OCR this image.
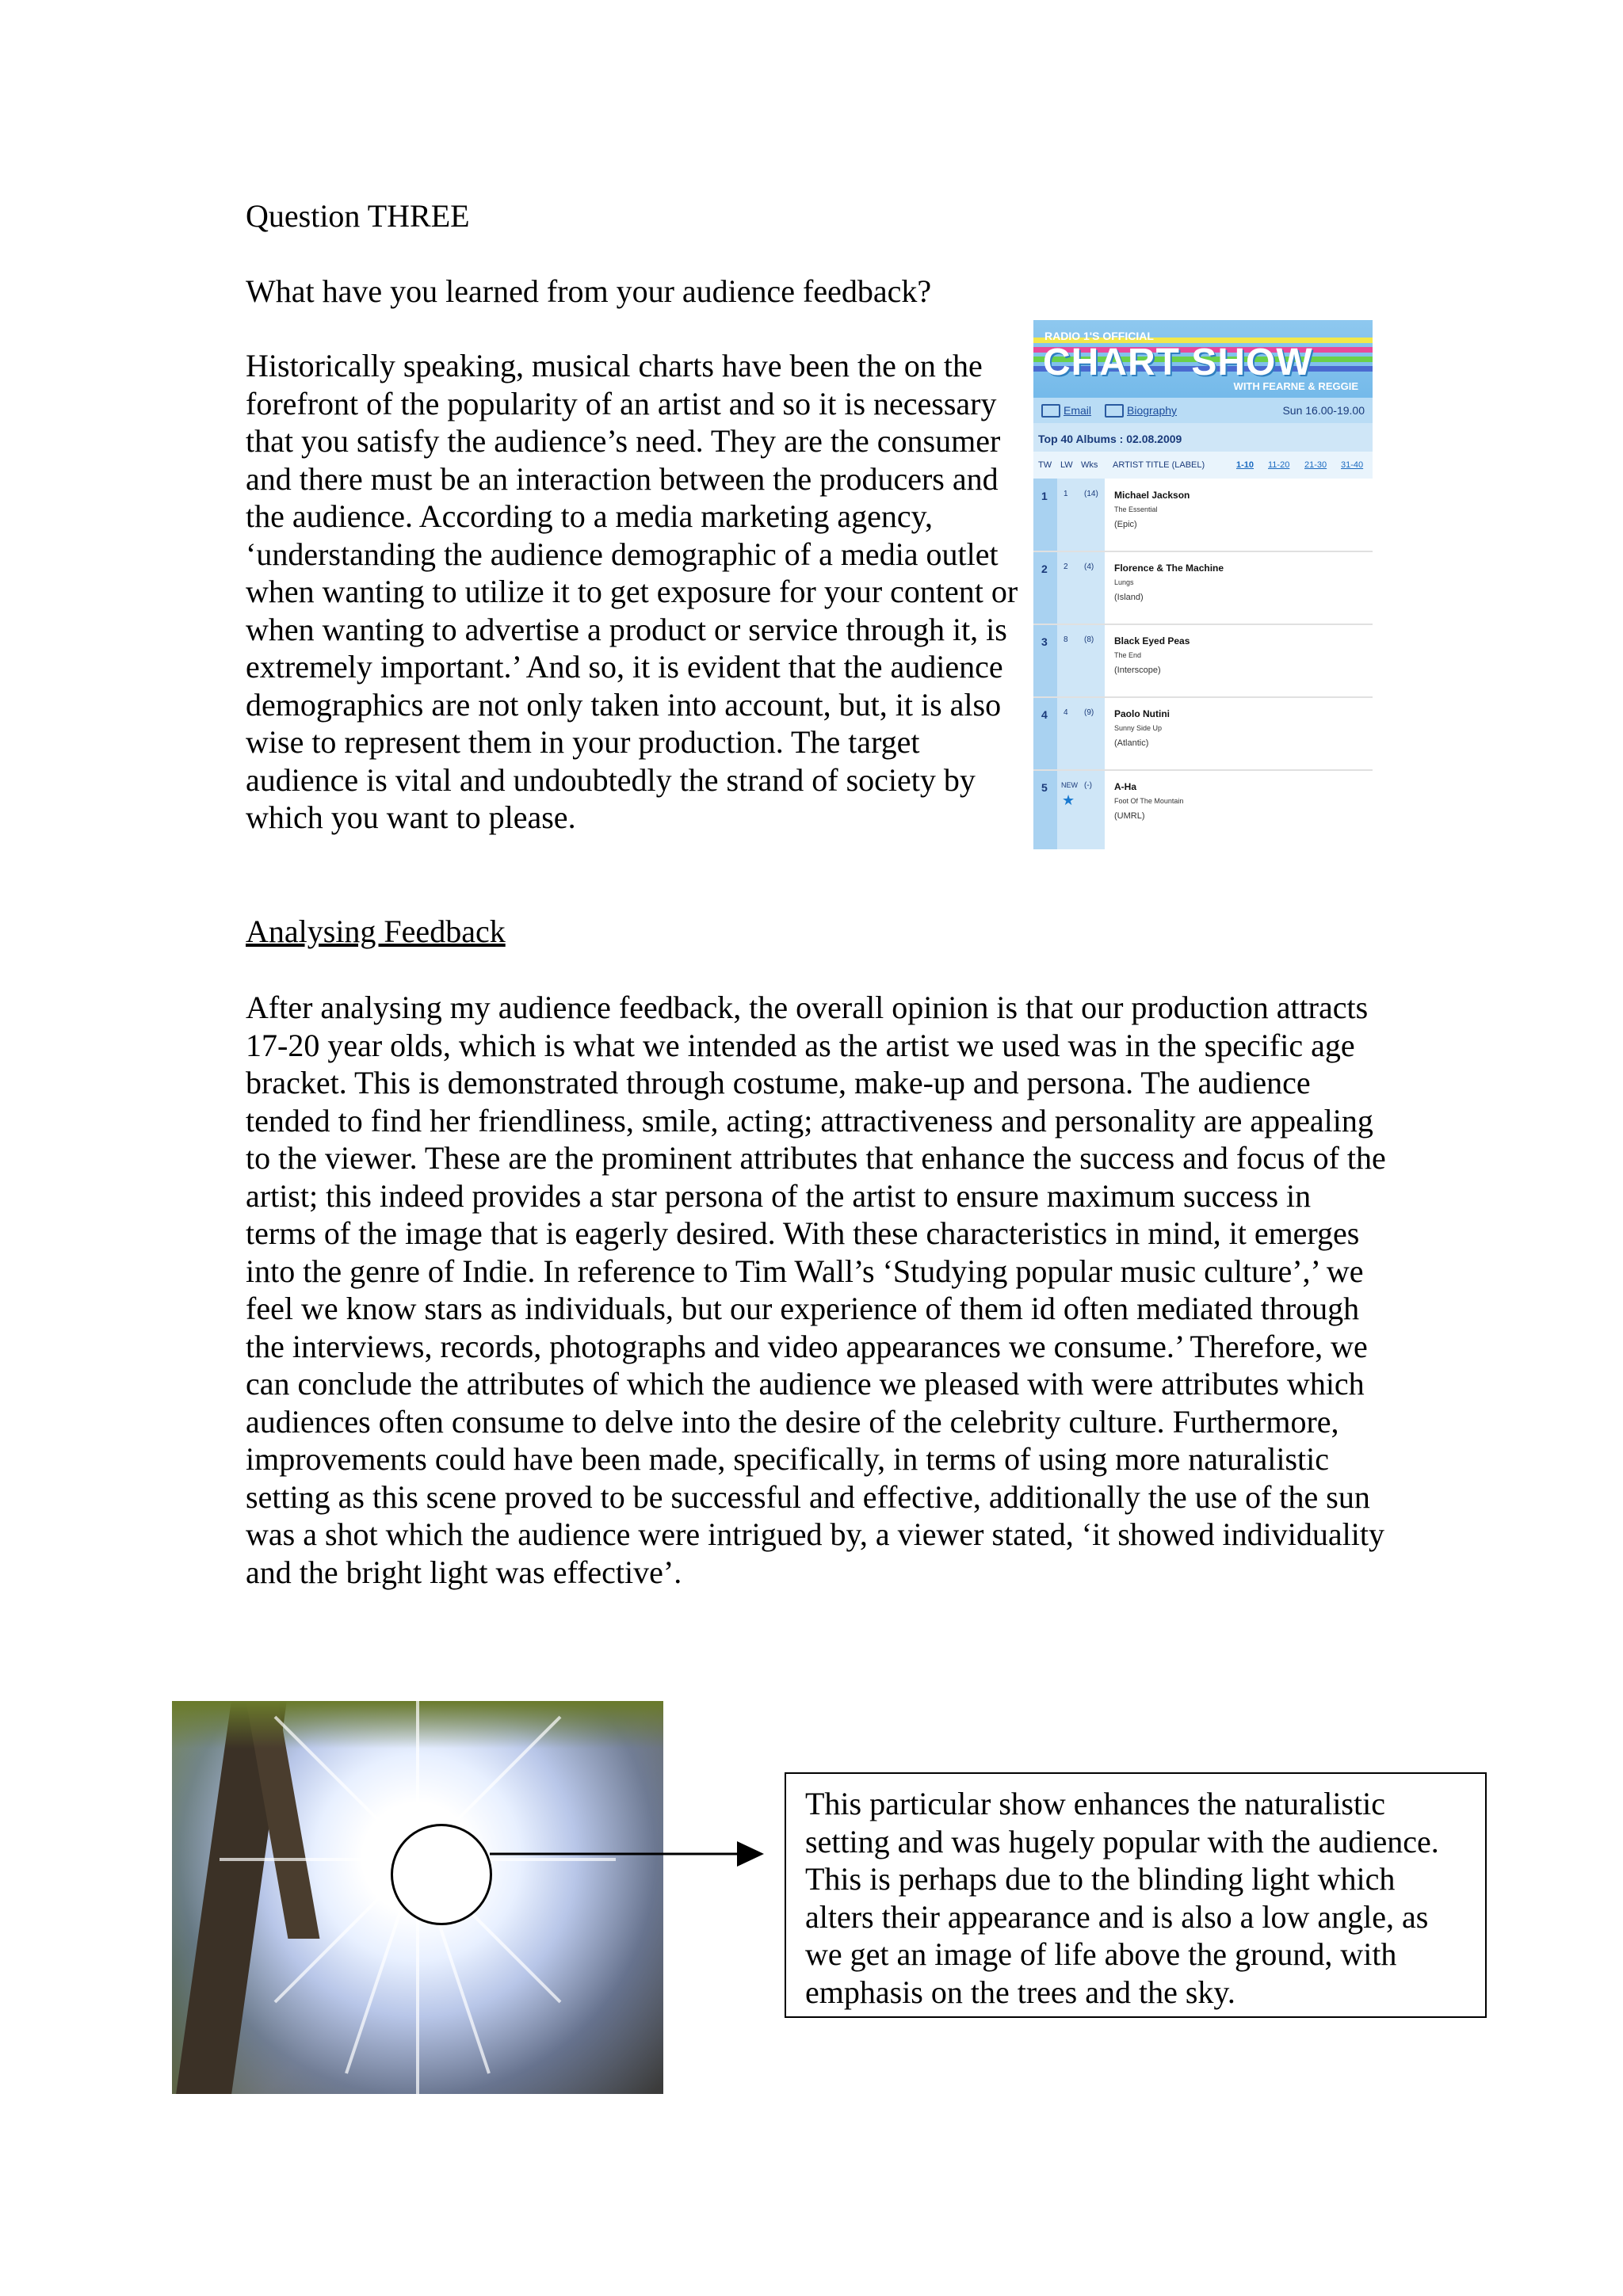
Question THREE

What have you learned from your audience feedback?

Historically speaking, musical charts have been the on the forefront of the popularity of an artist and so it is necessary that you satisfy the audience’s need. They are the consumer and there must be an interaction between the producers and the audience. According to a media marketing agency, ‘understanding the audience demographic of a media outlet when wanting to utilize it to get exposure for your content or when wanting to advertise a product or service through it, is extremely important.’ And so, it is evident that the audience demographics are not only taken into account, but, it is also wise to represent them in your production. The target audience is vital and undoubtedly the strand of society by which you want to please.

RADIO 1'S OFFICIAL
CHART SHOW
WITH FEARNE & REGGIE
Email	Biography	Sun 16.00-19.00
Top 40 Albums : 02.08.2009
TW LW Wks ARTIST TITLE (LABEL)	1-10 11-20 21-30 31-40
1 1 (14) Michael Jackson
The Essential
(Epic)
2 2 (4) Florence & The Machine
Lungs
(Island)
3 8 (8) Black Eyed Peas
The End
(Interscope)
4 4 (9) Paolo Nutini
Sunny Side Up
(Atlantic)
5 NEW (-)
★
A-Ha
Foot Of The Mountain
(UMRL)

Analysing Feedback

After analysing my audience feedback, the overall opinion is that our production attracts 17-20 year olds, which is what we intended as the artist we used was in the specific age bracket. This is demonstrated through costume, make-up and persona. The audience tended to find her friendliness, smile, acting; attractiveness and personality are appealing to the viewer. These are the prominent attributes that enhance the success and focus of the artist; this indeed provides a star persona of the artist to ensure maximum success in terms of the image that is eagerly desired. With these characteristics in mind, it emerges into the genre of Indie. In reference to Tim Wall’s ‘Studying popular music culture’,’ we feel we know stars as individuals, but our experience of them id often mediated through the interviews, records, photographs and video appearances we consume.’ Therefore, we can conclude the attributes of which the audience we pleased with were attributes which audiences often consume to delve into the desire of the celebrity culture. Furthermore, improvements could have been made, specifically, in terms of using more naturalistic setting as this scene proved to be successful and effective, additionally the use of the sun was a shot which the audience were intrigued by, a viewer stated, ‘it showed individuality and the bright light was effective’.

This particular show enhances the naturalistic setting and was hugely popular with the audience. This is perhaps due to the blinding light which alters their appearance and is also a low angle, as we get an image of life above the ground, with emphasis on the trees and the sky.
